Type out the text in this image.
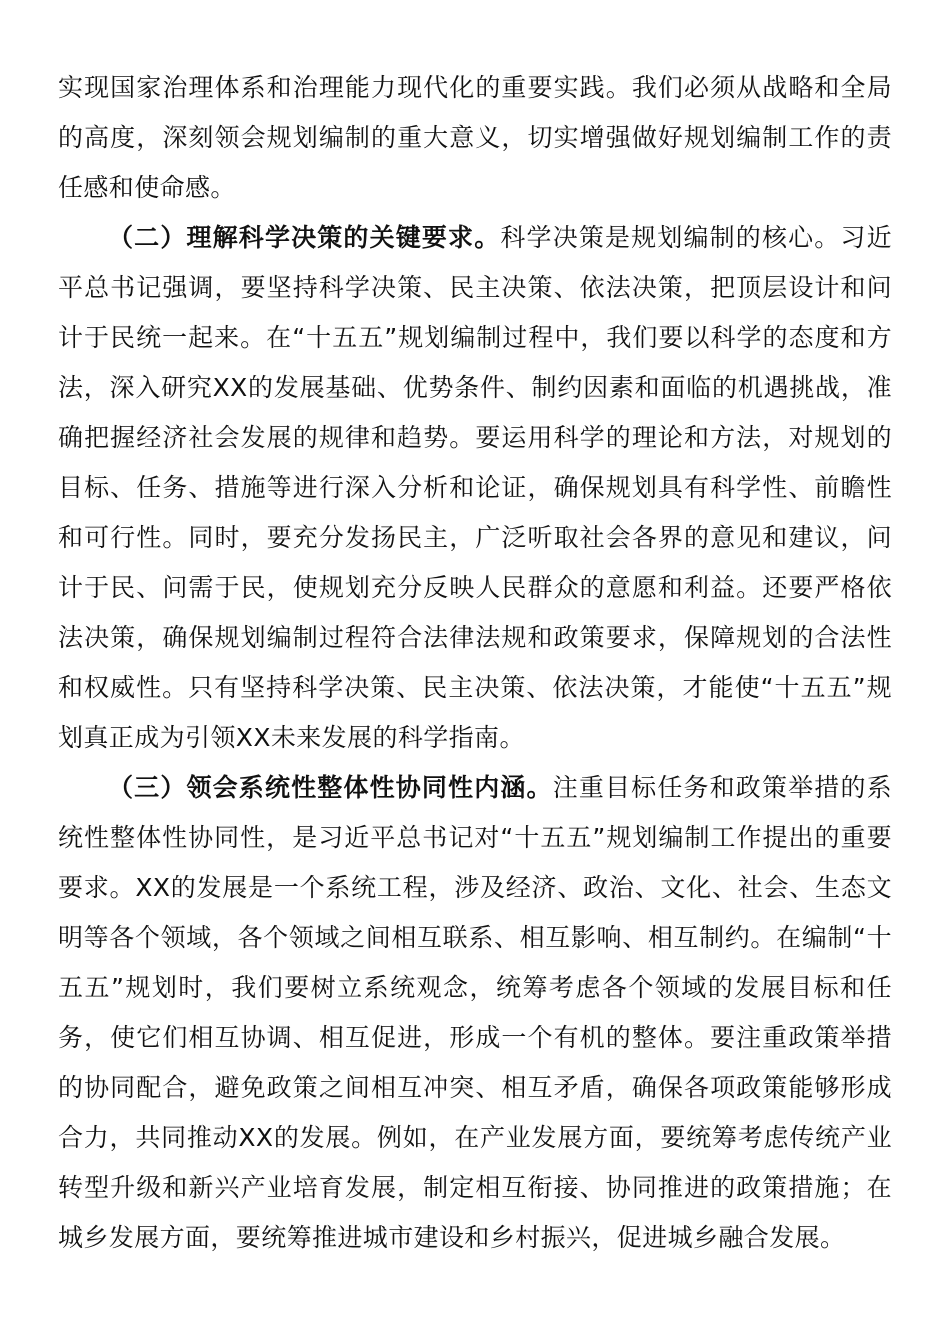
实现国家治理体系和治理能力现代化的重要实践。我们必须从战略和全局的高度，深刻领会规划编制的重大意义，切实增强做好规划编制工作的责任感和使命感。

（二）理解科学决策的关键要求。科学决策是规划编制的核心。习近平总书记强调，要坚持科学决策、民主决策、依法决策，把顶层设计和问计于民统一起来。在“十五五”规划编制过程中，我们要以科学的态度和方法，深入研究XX的发展基础、优势条件、制约因素和面临的机遇挑战，准确把握经济社会发展的规律和趋势。要运用科学的理论和方法，对规划的目标、任务、措施等进行深入分析和论证，确保规划具有科学性、前瞻性和可行性。同时，要充分发扬民主，广泛听取社会各界的意见和建议，问计于民、问需于民，使规划充分反映人民群众的意愿和利益。还要严格依法决策，确保规划编制过程符合法律法规和政策要求，保障规划的合法性和权威性。只有坚持科学决策、民主决策、依法决策，才能使“十五五”规划真正成为引领XX未来发展的科学指南。

（三）领会系统性整体性协同性内涵。注重目标任务和政策举措的系统性整体性协同性，是习近平总书记对“十五五”规划编制工作提出的重要要求。XX的发展是一个系统工程，涉及经济、政治、文化、社会、生态文明等各个领域，各个领域之间相互联系、相互影响、相互制约。在编制“十五五”规划时，我们要树立系统观念，统筹考虑各个领域的发展目标和任务，使它们相互协调、相互促进，形成一个有机的整体。要注重政策举措的协同配合，避免政策之间相互冲突、相互矛盾，确保各项政策能够形成合力，共同推动XX的发展。例如，在产业发展方面，要统筹考虑传统产业转型升级和新兴产业培育发展，制定相互衔接、协同推进的政策措施；在城乡发展方面，要统筹推进城市建设和乡村振兴，促进城乡融合发展。
